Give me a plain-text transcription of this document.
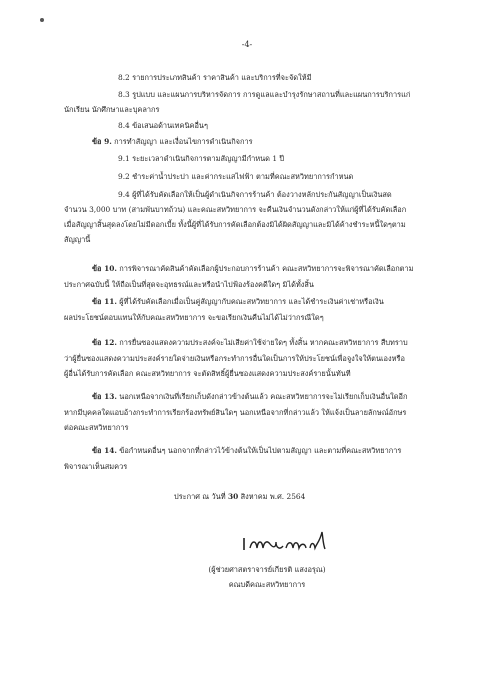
-4-
8.2 รายการประเภทสินค้า ราคาสินค้า และบริการที่จะจัดให้มี
8.3 รูปแบบ และแผนการบริหารจัดการ การดูแลและบำรุงรักษาสถานที่และแผนการบริการแก่
นักเรียน นักศึกษาและบุคลากร
8.4 ข้อเสนอด้านเทคนิคอื่นๆ
ข้อ 9. การทำสัญญา และเงื่อนไขการดำเนินกิจการ
9.1 ระยะเวลาดำเนินกิจการตามสัญญามีกำหนด 1 ปี
9.2 ชำระค่าน้ำประปา และค่ากระแสไฟฟ้า ตามที่คณะสหวิทยาการกำหนด
9.4 ผู้ที่ได้รับคัดเลือกให้เป็นผู้ดำเนินกิจการร้านค้า ต้องวางหลักประกันสัญญาเป็นเงินสด
จำนวน 3,000 บาท (สามพันบาทถ้วน) และคณะสหวิทยาการ จะคืนเงินจำนวนดังกล่าวให้แก่ผู้ที่ได้รับคัดเลือก
เมื่อสัญญาสิ้นสุดลงโดยไม่มีดอกเบี้ย ทั้งนี้ผู้ที่ได้รับการคัดเลือกต้องมิได้ผิดสัญญาและมิได้ค้างชำระหนี้ใดๆตาม
สัญญานี้
ข้อ 10. การพิจารณาคัดสินค้าคัดเลือกผู้ประกอบการร้านค้า คณะสหวิทยาการจะพิจารณาคัดเลือกตาม
ประกาศฉบับนี้ ให้ถือเป็นที่สุดจะอุทธรณ์และหรือนำไปฟ้องร้องคดีใดๆ มิได้ทั้งสิ้น
ข้อ 11. ผู้ที่ได้รับคัดเลือกเมื่อเป็นคู่สัญญากับคณะสหวิทยาการ และได้ชำระเงินค่าเช่าหรือเงิน
ผลประโยชน์ตอบแทนให้กับคณะสหวิทยาการ จะขอเรียกเงินคืนไม่ได้ไม่ว่ากรณีใดๆ
ข้อ 12. การยื่นซองแสดงความประสงค์จะไม่เสียค่าใช้จ่ายใดๆ ทั้งสิ้น หากคณะสหวิทยาการ สืบทราบ
ว่าผู้ยื่นซองแสดงความประสงค์รายใดจ่ายเงินหรือกระทำการอื่นใดเป็นการให้ประโยชน์เพื่อจูงใจให้ตนเองหรือ
ผู้อื่นได้รับการคัดเลือก คณะสหวิทยาการ จะตัดสิทธิ์ผู้ยื่นซองแสดงความประสงค์รายนั้นทันที
ข้อ 13. นอกเหนือจากเงินที่เรียกเก็บดังกล่าวข้างต้นแล้ว คณะสหวิทยาการจะไม่เรียกเก็บเงินอื่นใดอีก
หากมีบุคคลใดแอบอ้างกระทำการเรียกร้องทรัพย์สินใดๆ นอกเหนือจากที่กล่าวแล้ว ให้แจ้งเป็นลายลักษณ์อักษร
ต่อคณะสหวิทยาการ
ข้อ 14. ข้อกำหนดอื่นๆ นอกจากที่กล่าวไว้ข้างต้นให้เป็นไปตามสัญญา และตามที่คณะสหวิทยาการ
พิจารณาเห็นสมควร
ประกาศ ณ วันที่ 30 สิงหาคม พ.ศ. 2564
(ผู้ช่วยศาสตราจารย์เกียรติ แสงอรุณ)
คณบดีคณะสหวิทยาการ
